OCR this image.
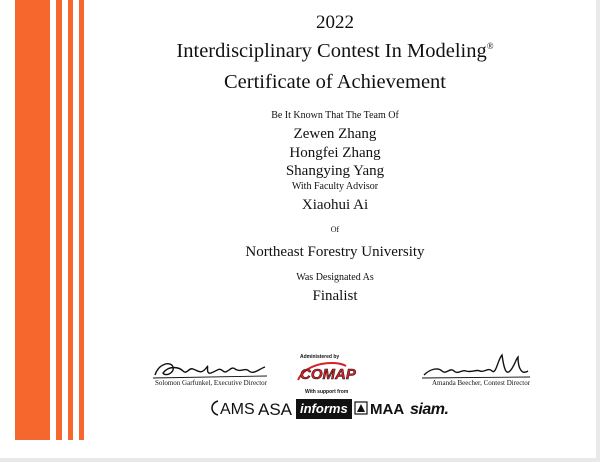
2022
Interdisciplinary Contest In Modeling®
Certificate of Achievement
Be It Known That The Team Of
Zewen Zhang
Hongfei Zhang
Shangying Yang
With Faculty Advisor
Xiaohui Ai
Of
Northeast Forestry University
Was Designated As
Finalist
Solomon Garfunkel, Executive Director
Administered by
COMAP
With support from
Amanda Beecher, Contest Director
AMS ASA informs	MAA siam.
